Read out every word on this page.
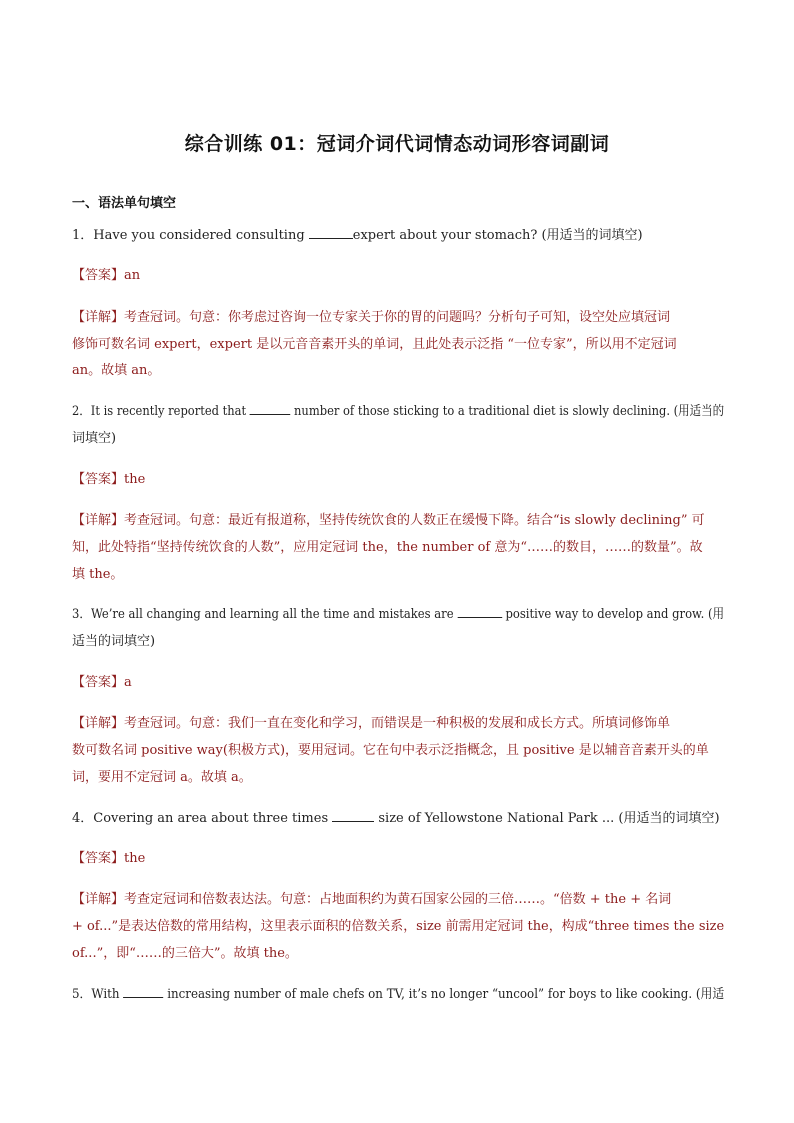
综合训练 01：冠词介词代词情态动词形容词副词
一、语法单句填空
1．Have you considered consulting	expert about your stomach? (用适当的词填空)
【答案】an
【详解】考查冠词。句意：你考虑过咨询一位专家关于你的胃的问题吗？分析句子可知，设空处应填冠词
修饰可数名词 expert，expert 是以元音音素开头的单词，且此处表示泛指 “一位专家”，所以用不定冠词
an。故填 an。
2．It is recently reported that	number of those sticking to a traditional diet is slowly declining. (用适当的
词填空)
【答案】the
【详解】考查冠词。句意：最近有报道称，坚持传统饮食的人数正在缓慢下降。结合“is slowly declining” 可
知，此处特指“坚持传统饮食的人数”，应用定冠词 the，the number of 意为“……的数目，……的数量”。故
填 the。
3．We’re all changing and learning all the time and mistakes are	positive way to develop and grow. (用
适当的词填空)
【答案】a
【详解】考查冠词。句意：我们一直在变化和学习，而错误是一种积极的发展和成长方式。所填词修饰单
数可数名词 positive way(积极方式)，要用冠词。它在句中表示泛指概念，且 positive 是以辅音音素开头的单
词，要用不定冠词 a。故填 a。
4．Covering an area about three times	size of Yellowstone National Park ... (用适当的词填空)
【答案】the
【详解】考查定冠词和倍数表达法。句意：占地面积约为黄石国家公园的三倍……。“倍数 + the + 名词
+ of...”是表达倍数的常用结构，这里表示面积的倍数关系，size 前需用定冠词 the，构成“three times the size
of...”，即“……的三倍大”。故填 the。
5．With	increasing number of male chefs on TV, it’s no longer “uncool” for boys to like cooking. (用适
